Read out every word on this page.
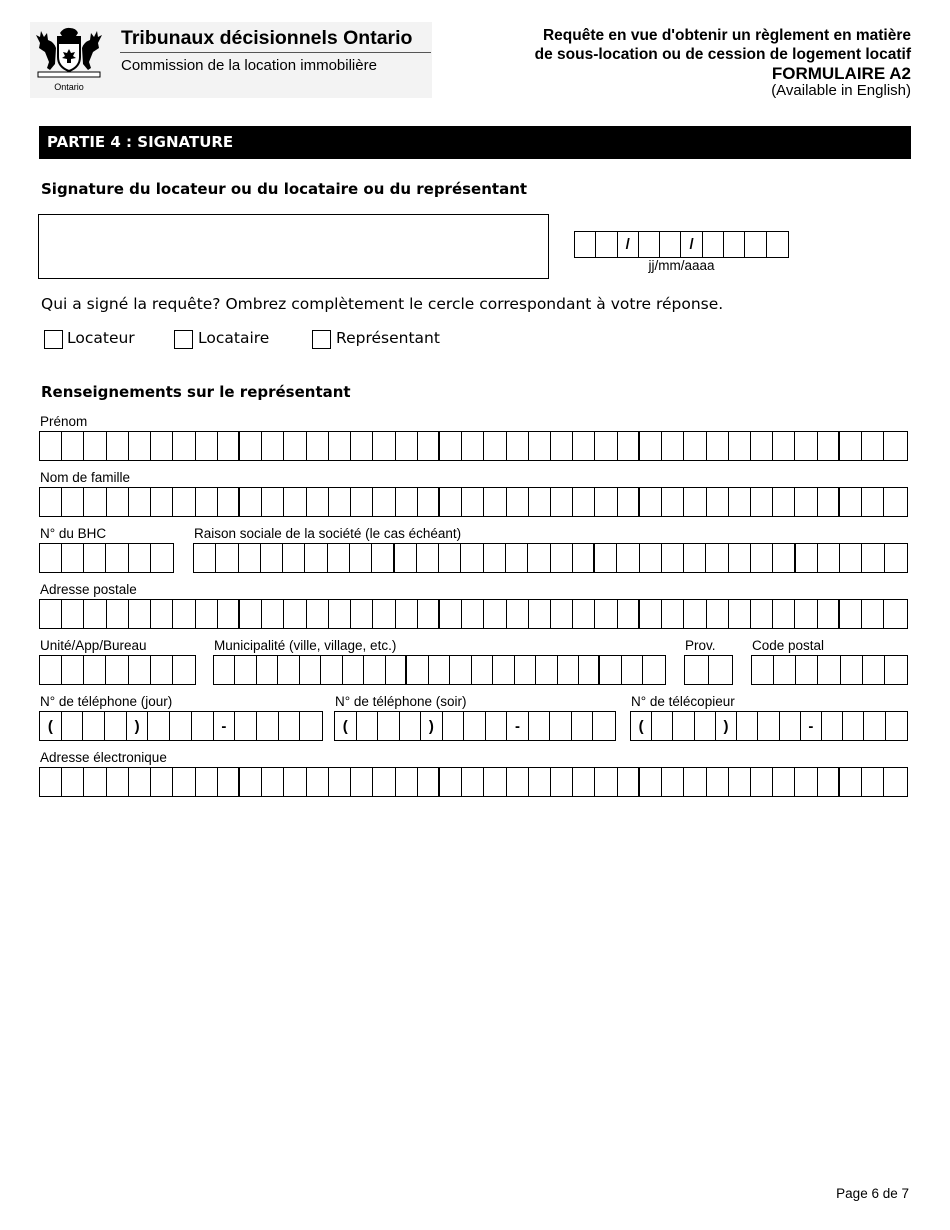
Ontario
Tribunaux décisionnels Ontario
Commission de la location immobilière
Requête en vue d'obtenir un règlement en matière
de sous-location ou de cession de logement locatif
FORMULAIRE A2
(Available in English)
PARTIE 4 : SIGNATURE
Signature du locateur ou du locataire ou du représentant
/	/
jj/mm/aaaa
Qui a signé la requête? Ombrez complètement le cercle correspondant à votre réponse.
Locateur	Locataire	Représentant
Renseignements sur le représentant
Prénom
Nom de famille
N° du BHC	Raison sociale de la société (le cas échéant)
Adresse postale
Unité/App/Bureau	Municipalité (ville, village, etc.)	Prov.	Code postal
N° de téléphone (jour)
(	)	-
N° de téléphone (soir)
(	)	-
N° de télécopieur
(	)	-
Adresse électronique
Page 6 de 7
